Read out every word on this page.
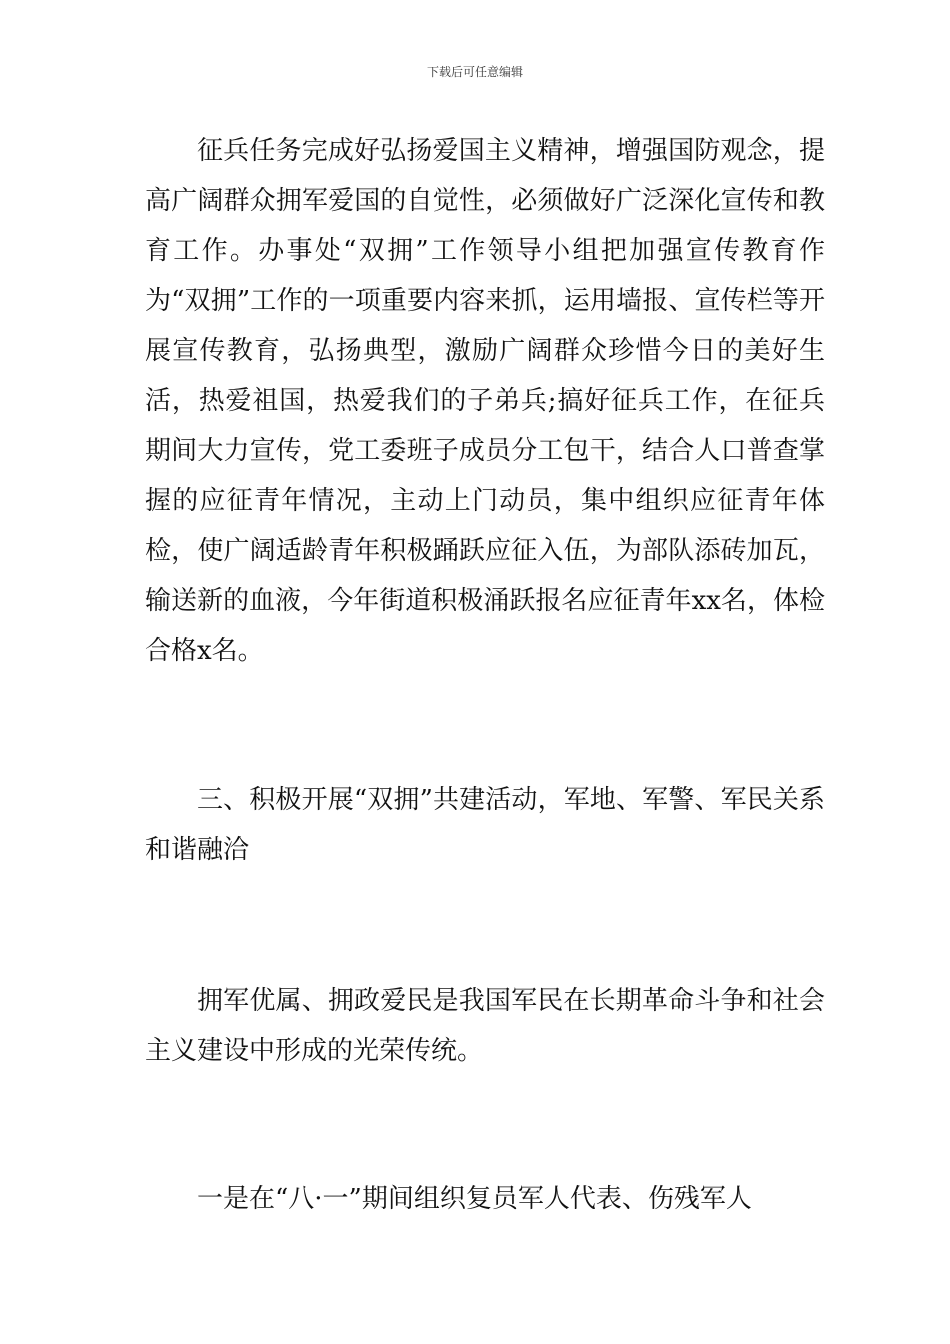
下载后可任意编辑

征兵任务完成好弘扬爱国主义精神，增强国防观念，提高广阔群众拥军爱国的自觉性，必须做好广泛深化宣传和教育工作。办事处“双拥”工作领导小组把加强宣传教育作为“双拥”工作的一项重要内容来抓，运用墙报、宣传栏等开展宣传教育，弘扬典型，激励广阔群众珍惜今日的美好生活，热爱祖国，热爱我们的子弟兵;搞好征兵工作，在征兵期间大力宣传，党工委班子成员分工包干，结合人口普查掌握的应征青年情况，主动上门动员，集中组织应征青年体检，使广阔适龄青年积极踊跃应征入伍，为部队添砖加瓦，输送新的血液，今年街道积极涌跃报名应征青年xx名，体检合格x名。

三、积极开展“双拥”共建活动，军地、军警、军民关系和谐融洽

拥军优属、拥政爱民是我国军民在长期革命斗争和社会主义建设中形成的光荣传统。

一是在“八·一”期间组织复员军人代表、伤残军人
